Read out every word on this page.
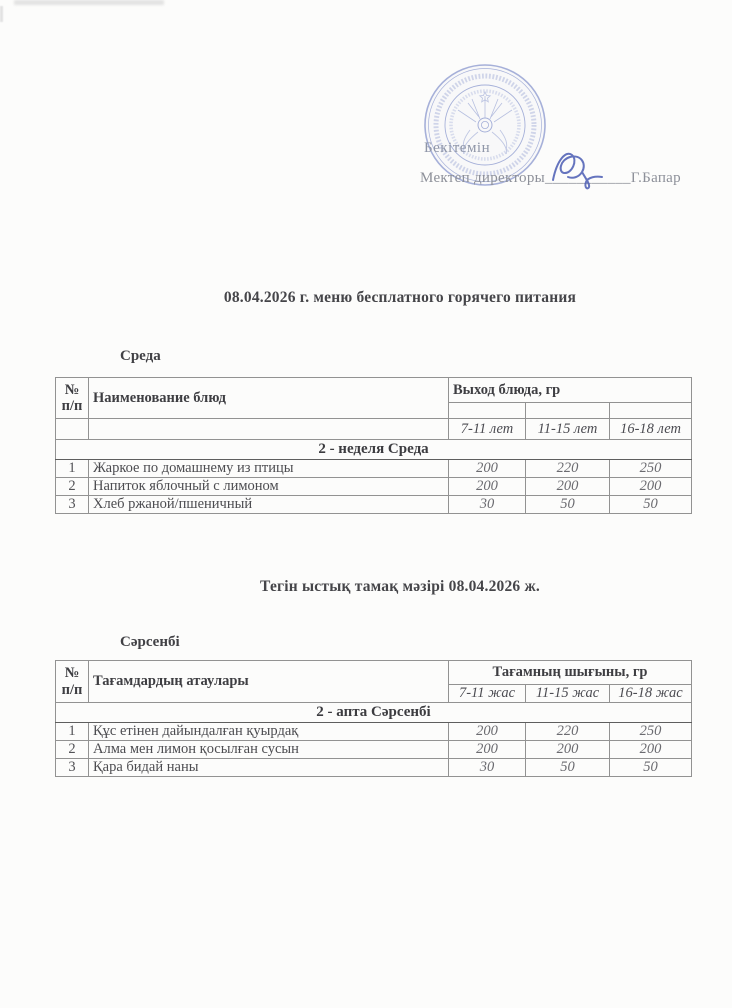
Бекітемін
Мектеп директоры___________Г.Бапар
08.04.2026 г. меню бесплатного горячего питания
Среда
№
п/п	Наименование блюд	Выход блюда, гр		

		7-11 лет	11-15 лет	16-18 лет
2 - неделя Среда				
1	Жаркое по домашнему из птицы	200	220	250
2	Напиток яблочный с лимоном	200	200	200
3	Хлеб ржаной/пшеничный	30	50	50
Тегін ыстық тамақ мәзірі 08.04.2026 ж.
Сәрсенбі
№
п/п	Тағамдардың атаулары	Тағамның шығыны, гр		
		7-11 жас	11-15 жас	16-18 жас
2 - апта Сәрсенбі				
1	Құс етінен дайындалған қуырдақ	200	220	250
2	Алма мен лимон қосылған сусын	200	200	200
3	Қара бидай наны	30	50	50
